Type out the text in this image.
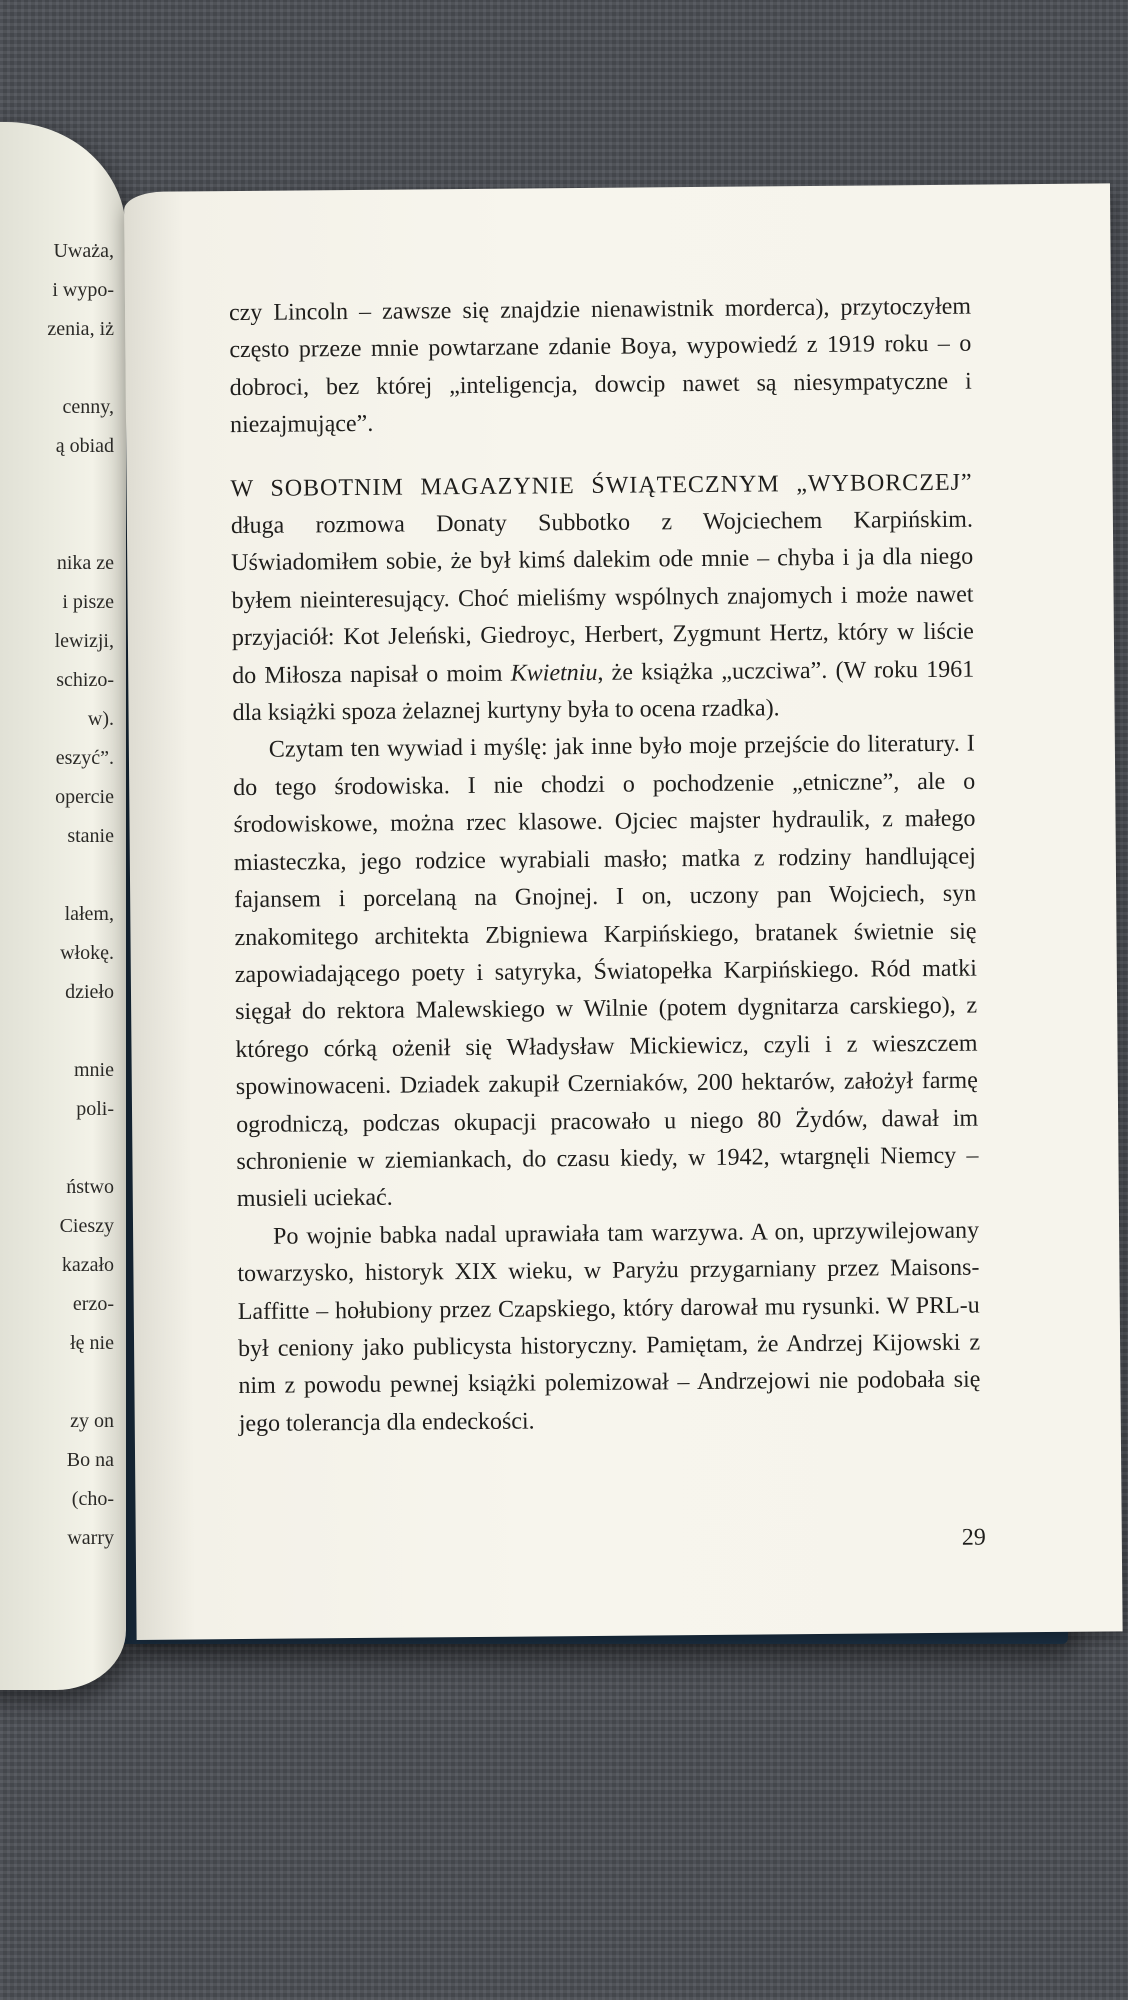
Uważa,
i wypo-
zenia, iż

cenny,
ą obiad

nika ze
i pisze
lewizji,
schizo-
w).
eszyć”.
opercie
stanie

lałem,
włokę.
dzieło

mnie
poli-

ństwo
Cieszy
kazało
erzo-
łę nie

zy on
Bo na
(cho-
warry

czy Lincoln – zawsze się znajdzie nienawistnik morderca), przytoczyłem często przeze mnie powtarzane zdanie Boya, wypowiedź z 1919 roku – o dobroci, bez której „inteligencja, dowcip nawet są niesympatyczne i niezajmujące”.

W SOBOTNIM MAGAZYNIE ŚWIĄTECZNYM „WYBORCZEJ” długa rozmowa Donaty Subbotko z Wojciechem Karpińskim. Uświadomiłem sobie, że był kimś dalekim ode mnie – chyba i ja dla niego byłem nieinteresujący. Choć mieliśmy wspólnych znajomych i może nawet przyjaciół: Kot Jeleński, Giedroyc, Herbert, Zygmunt Hertz, który w liście do Miłosza napisał o moim Kwietniu, że książka „uczciwa”. (W roku 1961 dla książki spoza żelaznej kurtyny była to ocena rzadka).

Czytam ten wywiad i myślę: jak inne było moje przejście do literatury. I do tego środowiska. I nie chodzi o pochodzenie „etniczne”, ale o środowiskowe, można rzec klasowe. Ojciec majster hydraulik, z małego miasteczka, jego rodzice wyrabiali masło; matka z rodziny handlującej fajansem i porcelaną na Gnojnej. I on, uczony pan Wojciech, syn znakomitego architekta Zbigniewa Karpińskiego, bratanek świetnie się zapowiadającego poety i satyryka, Światopełka Karpińskiego. Ród matki sięgał do rektora Malewskiego w Wilnie (potem dygnitarza carskiego), z którego córką ożenił się Władysław Mickiewicz, czyli i z wieszczem spowinowaceni. Dziadek zakupił Czerniaków, 200 hektarów, założył farmę ogrodniczą, podczas okupacji pracowało u niego 80 Żydów, dawał im schronienie w ziemiankach, do czasu kiedy, w 1942, wtargnęli Niemcy – musieli uciekać.

Po wojnie babka nadal uprawiała tam warzywa. A on, uprzywilejowany towarzysko, historyk XIX wieku, w Paryżu przygarniany przez Maisons-Laffitte – hołubiony przez Czapskiego, który darował mu rysunki. W PRL-u był ceniony jako publicysta historyczny. Pamiętam, że Andrzej Kijowski z nim z powodu pewnej książki polemizował – Andrzejowi nie podobała się jego tolerancja dla endeckości.

29
